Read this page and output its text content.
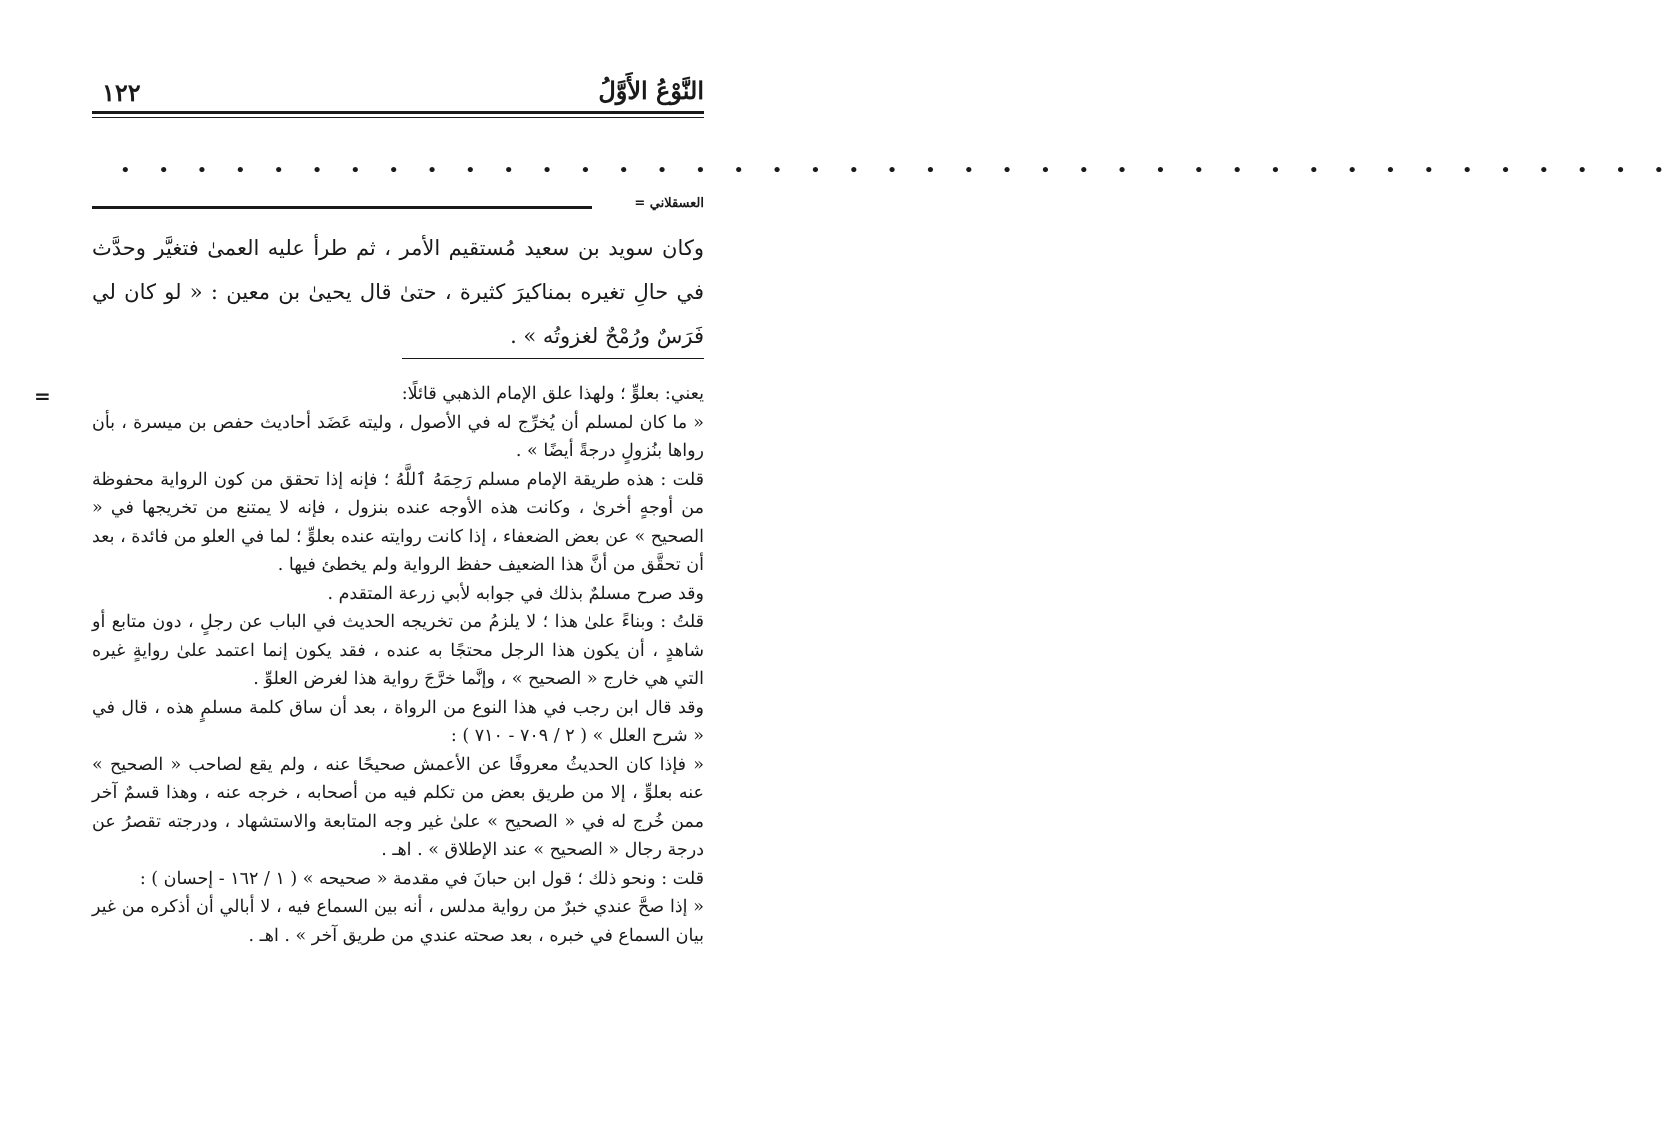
١٢٢	النَّوْعُ الأَوَّلُ
• • • • • • • • • • • • • • • • • • • • • • • • • • • • • • • • • • • • • • • • •
العسقلاني =

وكان سويد بن سعيد مُستقيم الأمر ، ثم طرأ عليه العمىٰ فتغيَّر وحدَّث في حالِ تغيره بمناكيرَ كثيرة ، حتىٰ قال يحيىٰ بن معين : « لو كان لي فَرَسٌ ورُمْحٌ لغزوتُه » .

=	يعني: بعلوٍّ ؛ ولهذا علق الإمام الذهبي قائلًا:

« ما كان لمسلم أن يُخرِّج له في الأصول ، وليته عَضَد أحاديث حفص بن ميسرة ، بأن رواها بنُزولٍ درجةً أيضًا » .

قلت : هذه طريقة الإمام مسلم رَحِمَهُ ٱللَّهُ ؛ فإنه إذا تحقق من كون الرواية محفوظة من أوجهٍ أخرىٰ ، وكانت هذه الأوجه عنده بنزول ، فإنه لا يمتنع من تخريجها في « الصحيح » عن بعض الضعفاء ، إذا كانت روايته عنده بعلوٍّ ؛ لما في العلو من فائدة ، بعد أن تحقَّق من أنَّ هذا الضعيف حفظ الرواية ولم يخطئ فيها .

وقد صرح مسلمٌ بذلك في جوابه لأبي زرعة المتقدم .

قلتُ : وبناءً علىٰ هذا ؛ لا يلزمُ من تخريجه الحديث في الباب عن رجلٍ ، دون متابع أو شاهدٍ ، أن يكون هذا الرجل محتجًا به عنده ، فقد يكون إنما اعتمد علىٰ روايةٍ غيره التي هي خارج « الصحيح » ، وإنَّما خرَّجَ رواية هذا لغرض العلوِّ .

وقد قال ابن رجب في هذا النوع من الرواة ، بعد أن ساق كلمة مسلمٍ هذه ، قال في « شرح العلل » ( ٢ / ٧٠٩ - ٧١٠ ) :

« فإذا كان الحديثُ معروفًا عن الأعمش صحيحًا عنه ، ولم يقع لصاحب « الصحيح » عنه بعلوٍّ ، إلا من طريق بعض من تكلم فيه من أصحابه ، خرجه عنه ، وهذا قسمٌ آخر ممن خُرج له في « الصحيح » علىٰ غير وجه المتابعة والاستشهاد ، ودرجته تقصرُ عن درجة رجال « الصحيح » عند الإطلاق » . اهـ .

قلت : ونحو ذلك ؛ قول ابن حبانَ في مقدمة « صحيحه » ( ١ / ١٦٢ - إحسان ) :

« إذا صحَّ عندي خبرٌ من رواية مدلس ، أنه بين السماع فيه ، لا أبالي أن أذكره من غير بيان السماع في خبره ، بعد صحته عندي من طريق آخر » . اهـ .
